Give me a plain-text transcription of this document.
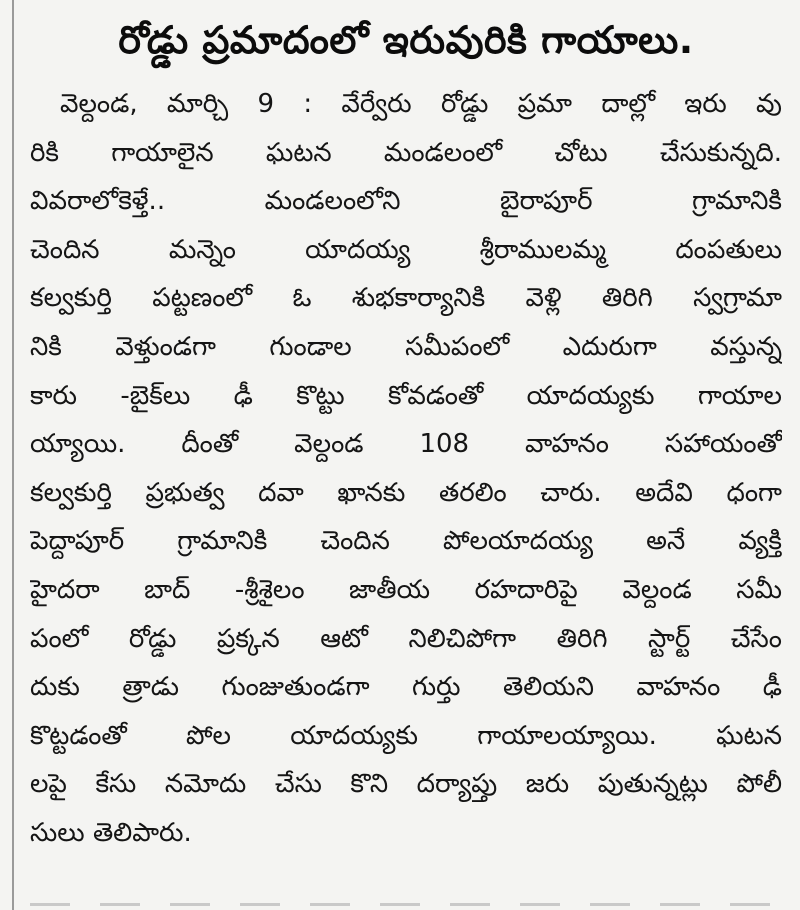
రోడ్డు ప్రమాదంలో ఇరువురికి గాయాలు.
వెల్దండ, మార్చి 9 : వేర్వేరు రోడ్డు ప్రమా దాల్లో ఇరు వు
రికి గాయాలైన ఘటన మండలంలో చోటు చేసుకున్నది.
వివరాలోకెళ్తే.. మండలంలోని బైరాపూర్ గ్రామానికి
చెందిన మన్నెం యాదయ్య శ్రీరాములమ్మ దంపతులు
కల్వకుర్తి పట్టణంలో ఓ శుభకార్యానికి వెళ్లి తిరిగి స్వగ్రామా
నికి వెళ్తుండగా గుండాల సమీపంలో ఎదురుగా వస్తున్న
కారు -బైక్‌లు ఢీ కొట్టు కోవడంతో యాదయ్యకు గాయాల
య్యాయి. దీంతో వెల్దండ 108 వాహనం సహాయంతో
కల్వకుర్తి ప్రభుత్వ దవా ఖానకు తరలిం చారు. అదేవి ధంగా
పెద్దాపూర్ గ్రామానికి చెందిన పోలయాదయ్య అనే వ్యక్తి
హైదరా బాద్ -శ్రీశైలం జాతీయ రహదారిపై వెల్దండ సమీ
పంలో రోడ్డు ప్రక్కన ఆటో నిలిచిపోగా తిరిగి స్టార్ట్ చేసేం
దుకు త్రాడు గుంజుతుండగా గుర్తు తెలియని వాహనం ఢీ
కొట్టడంతో పోల యాదయ్యకు గాయాలయ్యాయి. ఘటన
లపై కేసు నమోదు చేసు కొని దర్యాప్తు జరు పుతున్నట్లు పోలీ
సులు తెలిపారు.
